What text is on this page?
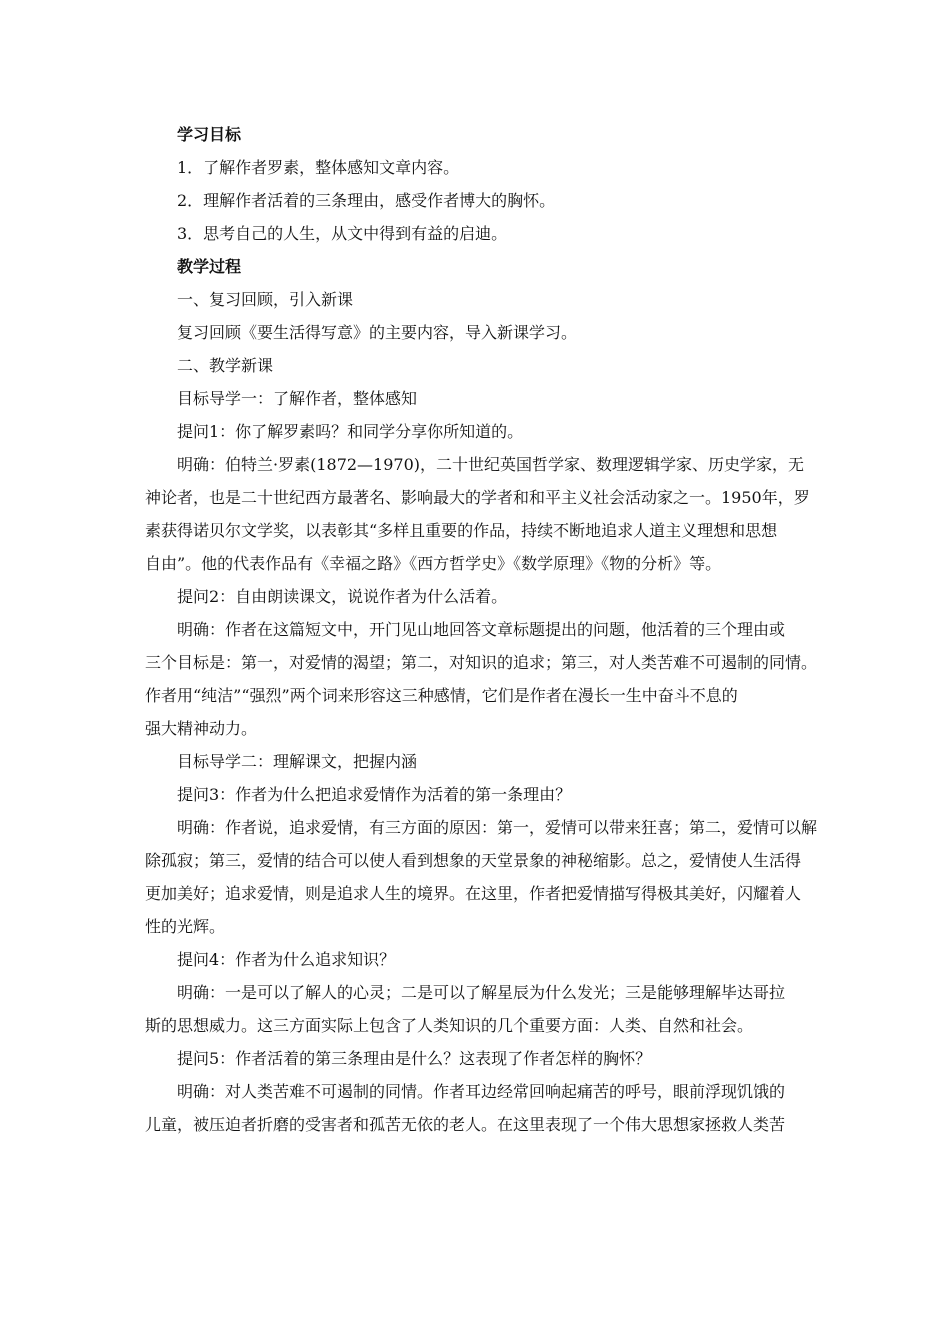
学习目标

1．了解作者罗素，整体感知文章内容。

2．理解作者活着的三条理由，感受作者博大的胸怀。

3．思考自己的人生，从文中得到有益的启迪。

教学过程

一、复习回顾，引入新课

复习回顾《要生活得写意》的主要内容，导入新课学习。

二、教学新课

目标导学一：了解作者，整体感知

提问1：你了解罗素吗？和同学分享你所知道的。

明确：伯特兰·罗素(1872—1970)，二十世纪英国哲学家、数理逻辑学家、历史学家，无
神论者，也是二十世纪西方最著名、影响最大的学者和和平主义社会活动家之一。1950年，罗
素获得诺贝尔文学奖，以表彰其“多样且重要的作品，持续不断地追求人道主义理想和思想
自由”。他的代表作品有《幸福之路》《西方哲学史》《数学原理》《物的分析》等。

提问2：自由朗读课文，说说作者为什么活着。

明确：作者在这篇短文中，开门见山地回答文章标题提出的问题，他活着的三个理由或
三个目标是：第一，对爱情的渴望；第二，对知识的追求；第三，对人类苦难不可遏制的同情。
作者用“纯洁”“强烈”两个词来形容这三种感情，它们是作者在漫长一生中奋斗不息的
强大精神动力。

目标导学二：理解课文，把握内涵

提问3：作者为什么把追求爱情作为活着的第一条理由？

明确：作者说，追求爱情，有三方面的原因：第一，爱情可以带来狂喜；第二，爱情可以解
除孤寂；第三，爱情的结合可以使人看到想象的天堂景象的神秘缩影。总之，爱情使人生活得
更加美好；追求爱情，则是追求人生的境界。在这里，作者把爱情描写得极其美好，闪耀着人
性的光辉。

提问4：作者为什么追求知识？

明确：一是可以了解人的心灵；二是可以了解星辰为什么发光；三是能够理解毕达哥拉
斯的思想威力。这三方面实际上包含了人类知识的几个重要方面：人类、自然和社会。

提问5：作者活着的第三条理由是什么？这表现了作者怎样的胸怀？

明确：对人类苦难不可遏制的同情。作者耳边经常回响起痛苦的呼号，眼前浮现饥饿的
儿童，被压迫者折磨的受害者和孤苦无依的老人。在这里表现了一个伟大思想家拯救人类苦
